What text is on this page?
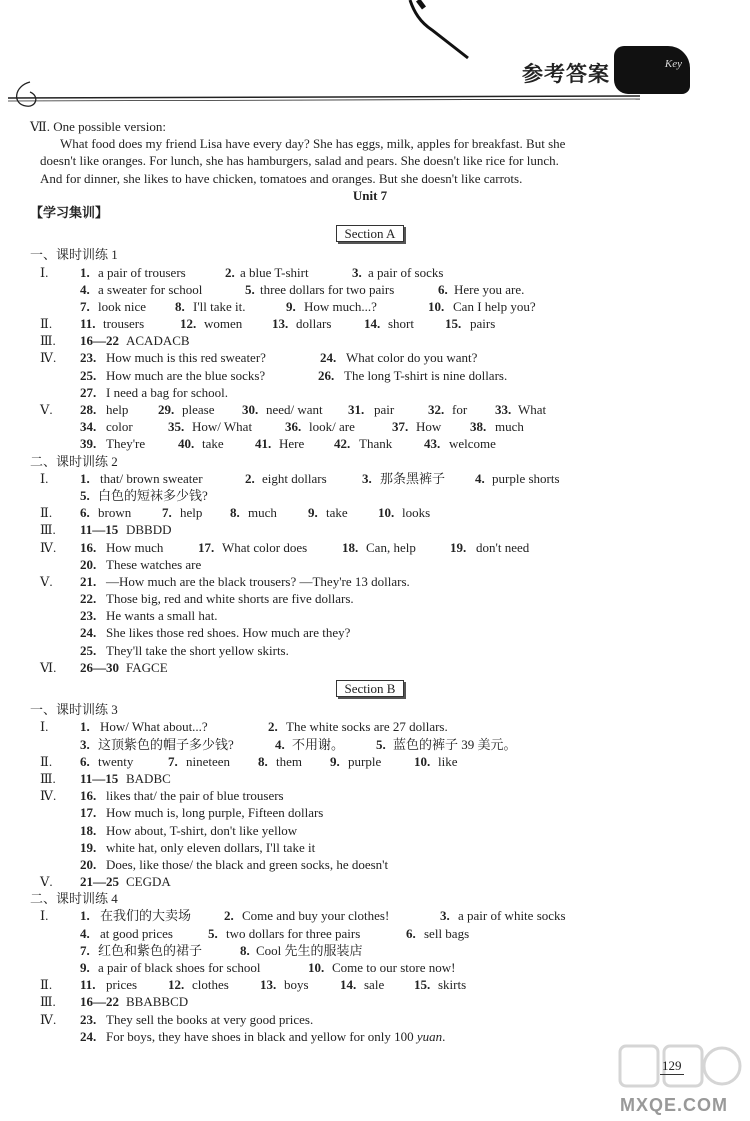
参考答案	Key
Ⅶ. One possible version:
What food does my friend Lisa have every day? She has eggs, milk, apples for breakfast. But she
doesn't like oranges. For lunch, she has hamburgers, salad and pears. She doesn't like rice for lunch.
And for dinner, she likes to have chicken, tomatoes and oranges. But she doesn't like carrots.
Unit 7
【学习集训】
Section A
一、课时训练 1
Ⅰ. 1. a pair of trousers	2. a blue T-shirt	3. a pair of socks
4. a sweater for school	5. three dollars for two pairs	6. Here you are.
7. look nice 8. I'll take it.	9. How much...?	10. Can I help you?
Ⅱ. 11. trousers	12. women 13. dollars	14. short 15. pairs
Ⅲ. 16—22 ACADACB
Ⅳ. 23. How much is this red sweater?	24. What color do you want?
25. How much are the blue socks?	26. The long T-shirt is nine dollars.
27. I need a bag for school.
Ⅴ. 28. help 29. please 30. need/ want 31. pair	32. for 33. What
34. color	35. How/ What	36. look/ are	37. How 38. much
39. They're	40. take 41. Here 42. Thank 43. welcome
二、课时训练 2
Ⅰ. 1. that/ brown sweater	2. eight dollars	3. 那条黑裤子 4. purple shorts
5. 白色的短袜多少钱?
Ⅱ. 6. brown 7. help 8. much 9. take 10. looks
Ⅲ. 11—15 DBBDD
Ⅳ. 16. How much	17. What color does	18. Can, help	19. don't need
20. These watches are
Ⅴ. 21. —How much are the black trousers? —They're 13 dollars.
22. Those big, red and white shorts are five dollars.
23. He wants a small hat.
24. She likes those red shoes. How much are they?
25. They'll take the short yellow skirts.
Ⅵ. 26—30 FAGCE
Section B
一、课时训练 3
Ⅰ. 1. How/ What about...?	2. The white socks are 27 dollars.
3. 这顶紫色的帽子多少钱?	4. 不用谢。 5. 蓝色的裤子 39 美元。
Ⅱ. 6. twenty	7. nineteen 8. them 9. purple	10. like
Ⅲ. 11—15 BADBC
Ⅳ. 16. likes that/ the pair of blue trousers
17. How much is, long purple, Fifteen dollars
18. How about, T-shirt, don't like yellow
19. white hat, only eleven dollars, I'll take it
20. Does, like those/ the black and green socks, he doesn't
Ⅴ. 21—25 CEGDA
二、课时训练 4
Ⅰ. 1. 在我们的大卖场	2. Come and buy your clothes!	3. a pair of white socks
4. at good prices	5. two dollars for three pairs	6. sell bags
7. 红色和紫色的裙子	8. Cool 先生的服装店
9. a pair of black shoes for school	10. Come to our store now!
Ⅱ. 11. prices 12. clothes 13. boys 14. sale 15. skirts
Ⅲ. 16—22 BBABBCD
Ⅳ. 23. They sell the books at very good prices.
24. For boys, they have shoes in black and yellow for only 100 yuan.
MXQE.COM
129
